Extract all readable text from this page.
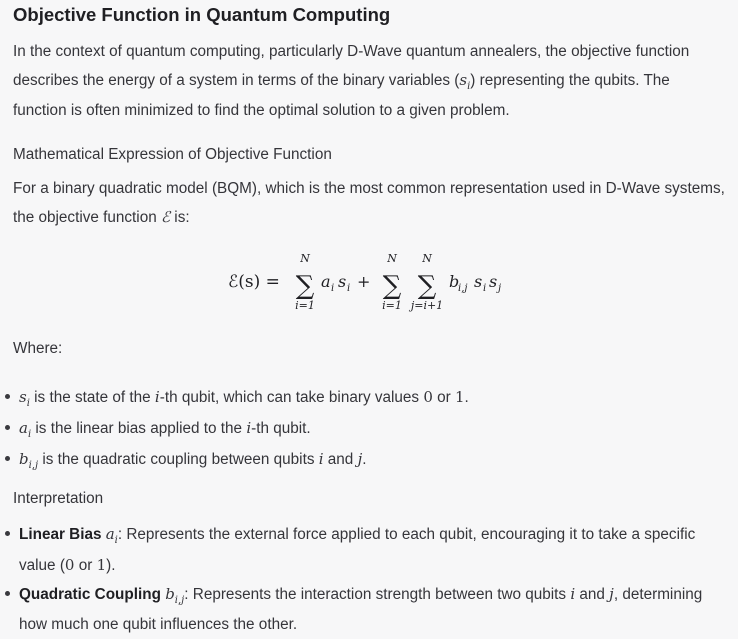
Objective Function in Quantum Computing
In the context of quantum computing, particularly D-Wave quantum annealers, the objective function describes the energy of a system in terms of the binary variables $(s_i)$ representing the qubits. The function is often minimized to find the optimal solution to a given problem.
Mathematical Expression of Objective Function
For a binary quadratic model (BQM), which is the most common representation used in D-Wave systems, the objective function ℰ is:
ℰ(s) =
N
∑
i=1
a i s i +
N
∑
i=1
N
∑
j=i+1
b
i,j s i s j
Where:
$s_i$ is the state of the i-th qubit, which can take binary values 0 or 1.
$a_i$ is the linear bias applied to the i-th qubit.
$b_{i,j}$ is the quadratic coupling between qubits i and j.
Interpretation
Linear Bias $a_i$: Represents the external force applied to each qubit, encouraging it to take a specific value (0 or 1).
Quadratic Coupling $b_{i,j}$: Represents the interaction strength between two qubits i and j, determining how much one qubit influences the other.
